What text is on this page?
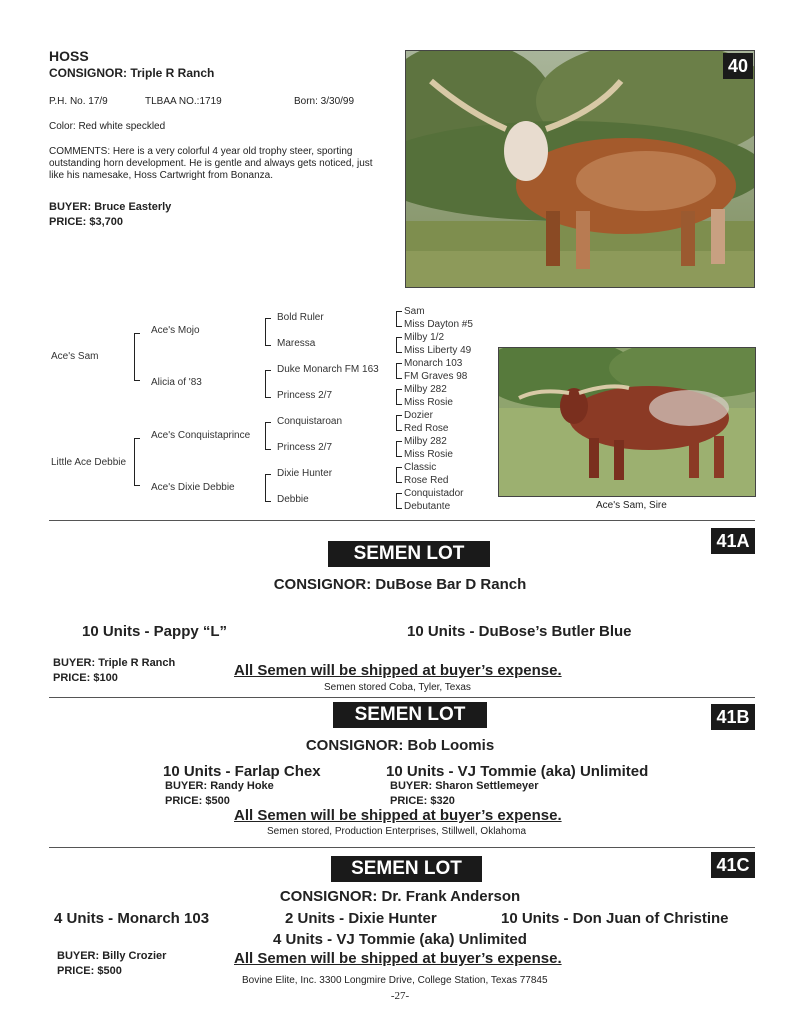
HOSS
CONSIGNOR: Triple R Ranch
P.H. No. 17/9	TLBAA NO.:1719	Born: 3/30/99
Color: Red white speckled
COMMENTS: Here is a very colorful 4 year old trophy steer, sporting
outstanding horn development. He is gentle and always gets noticed, just
like his namesake, Hoss Cartwright from Bonanza.
BUYER: Bruce Easterly
PRICE: $3,700
40
Ace's Sam
Little Ace Debbie
Ace's Mojo
Alicia of '83
Ace's Conquistaprince
Ace's Dixie Debbie
Bold Ruler
Maressa
Duke Monarch FM 163
Princess 2/7
Conquistaroan
Princess 2/7
Dixie Hunter
Debbie
Sam
Miss Dayton #5
Milby 1/2
Miss Liberty 49
Monarch 103
FM Graves 98
Milby 282
Miss Rosie
Dozier
Red Rose
Milby 282
Miss Rosie
Classic
Rose Red
Conquistador
Debutante	Ace's Sam, Sire
41A
SEMEN LOT
CONSIGNOR: DuBose Bar D Ranch
10 Units - Pappy “L”	10 Units - DuBose’s Butler Blue
BUYER: Triple R Ranch
PRICE: $100	All Semen will be shipped at buyer’s expense.
Semen stored Coba, Tyler, Texas
41B
SEMEN LOT
CONSIGNOR: Bob Loomis
10 Units - Farlap Chex
BUYER: Randy Hoke
PRICE: $500
10 Units - VJ Tommie (aka) Unlimited
BUYER: Sharon Settlemeyer
PRICE: $320
All Semen will be shipped at buyer’s expense.
Semen stored, Production Enterprises, Stillwell, Oklahoma
41C
SEMEN LOT
CONSIGNOR: Dr. Frank Anderson
4 Units - Monarch 103	2 Units - Dixie Hunter	10 Units - Don Juan of Christine
4 Units - VJ Tommie (aka) Unlimited
BUYER: Billy Crozier
PRICE: $500
All Semen will be shipped at buyer’s expense.
Bovine Elite, Inc. 3300 Longmire Drive, College Station, Texas 77845
-27-
